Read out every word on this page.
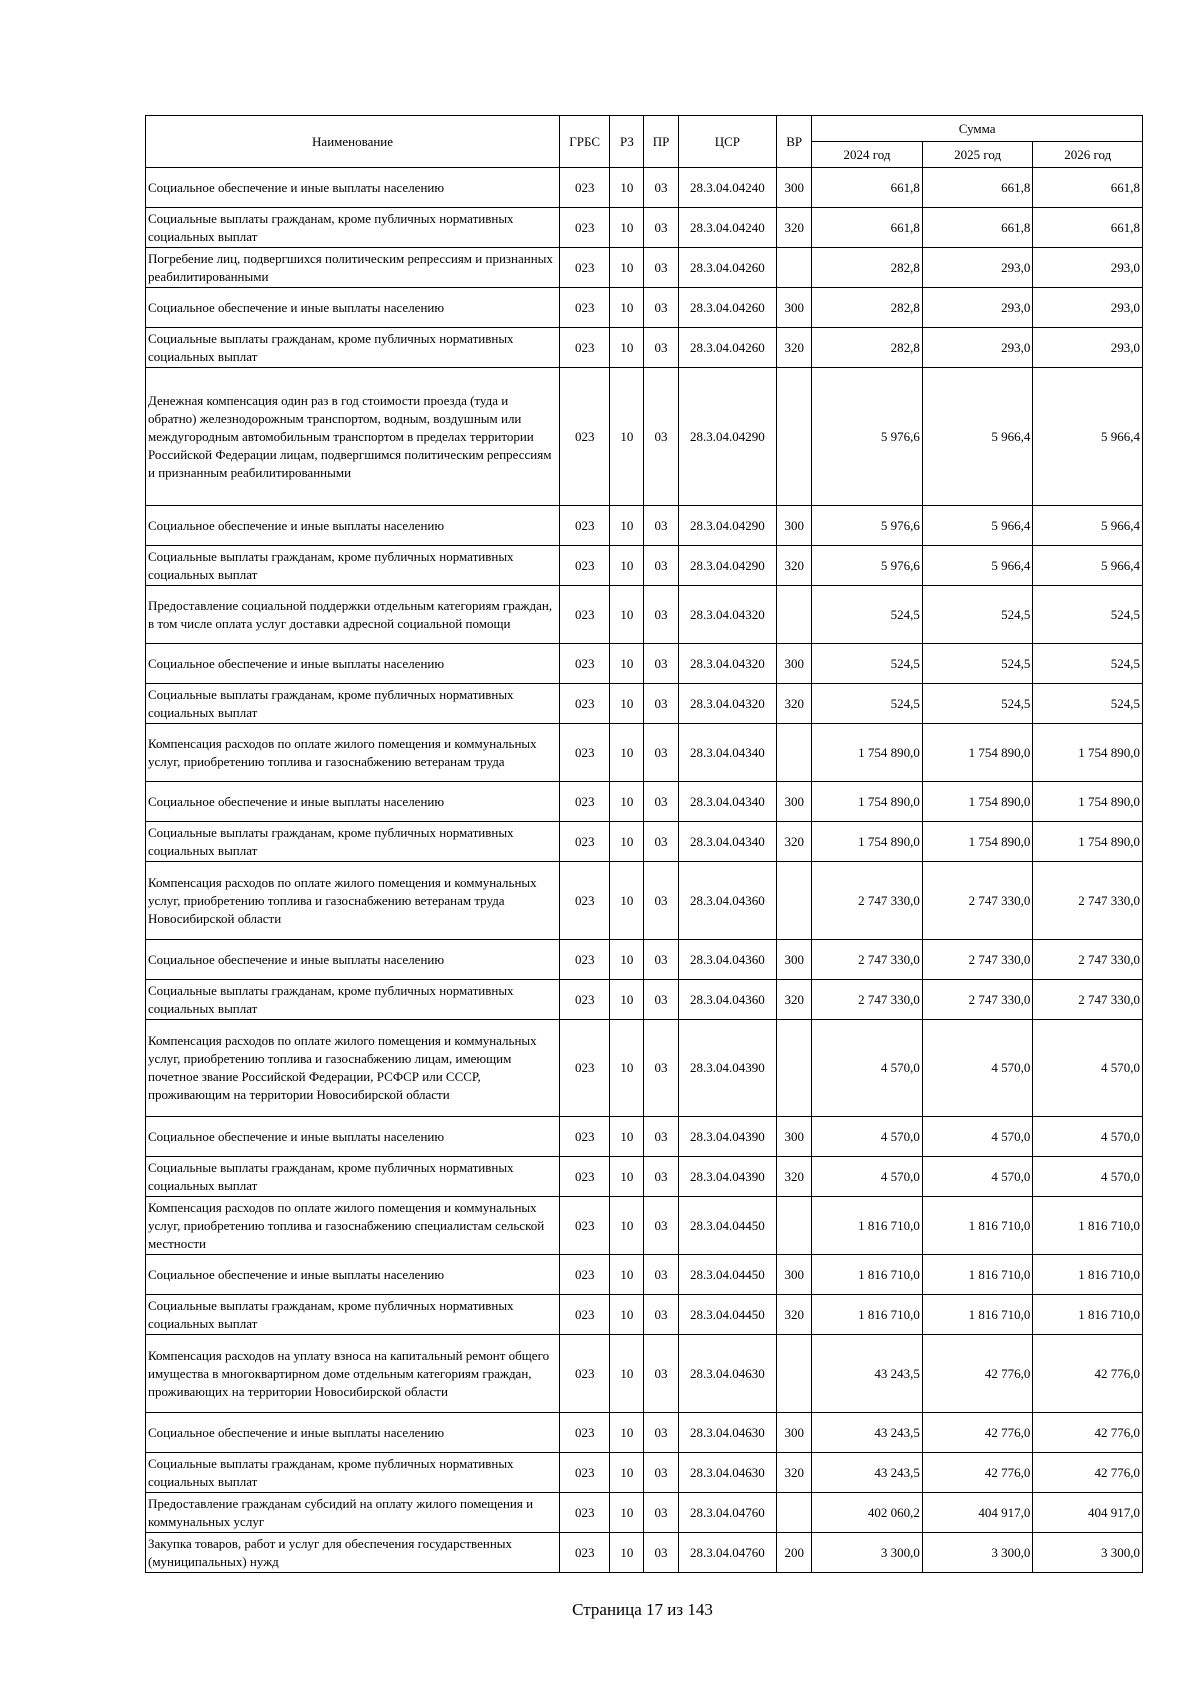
Наименование	ГРБС	РЗ	ПР	ЦСР	ВР	Сумма		
						2024 год	2025 год	2026 год
Социальное обеспечение и иные выплаты населению	023	10	03	28.3.04.04240	300	661,8	661,8	661,8
Социальные выплаты гражданам, кроме публичных нормативных социальных выплат	023	10	03	28.3.04.04240	320	661,8	661,8	661,8
Погребение лиц, подвергшихся политическим репрессиям и признанных реабилитированными	023	10	03	28.3.04.04260		282,8	293,0	293,0
Социальное обеспечение и иные выплаты населению	023	10	03	28.3.04.04260	300	282,8	293,0	293,0
Социальные выплаты гражданам, кроме публичных нормативных социальных выплат	023	10	03	28.3.04.04260	320	282,8	293,0	293,0
Денежная компенсация один раз в год стоимости проезда (туда и обратно) железнодорожным транспортом, водным, воздушным или междугородным автомобильным транспортом в пределах территории Российской Федерации лицам, подвергшимся политическим репрессиям и признанным реабилитированными	023	10	03	28.3.04.04290		5 976,6	5 966,4	5 966,4
Социальное обеспечение и иные выплаты населению	023	10	03	28.3.04.04290	300	5 976,6	5 966,4	5 966,4
Социальные выплаты гражданам, кроме публичных нормативных социальных выплат	023	10	03	28.3.04.04290	320	5 976,6	5 966,4	5 966,4
Предоставление социальной поддержки отдельным категориям граждан, в том числе оплата услуг доставки адресной социальной помощи	023	10	03	28.3.04.04320		524,5	524,5	524,5
Социальное обеспечение и иные выплаты населению	023	10	03	28.3.04.04320	300	524,5	524,5	524,5
Социальные выплаты гражданам, кроме публичных нормативных социальных выплат	023	10	03	28.3.04.04320	320	524,5	524,5	524,5
Компенсация расходов по оплате жилого помещения и коммунальных услуг, приобретению топлива и газоснабжению ветеранам труда	023	10	03	28.3.04.04340		1 754 890,0	1 754 890,0	1 754 890,0
Социальное обеспечение и иные выплаты населению	023	10	03	28.3.04.04340	300	1 754 890,0	1 754 890,0	1 754 890,0
Социальные выплаты гражданам, кроме публичных нормативных социальных выплат	023	10	03	28.3.04.04340	320	1 754 890,0	1 754 890,0	1 754 890,0
Компенсация расходов по оплате жилого помещения и коммунальных услуг, приобретению топлива и газоснабжению ветеранам труда Новосибирской области	023	10	03	28.3.04.04360		2 747 330,0	2 747 330,0	2 747 330,0
Социальное обеспечение и иные выплаты населению	023	10	03	28.3.04.04360	300	2 747 330,0	2 747 330,0	2 747 330,0
Социальные выплаты гражданам, кроме публичных нормативных социальных выплат	023	10	03	28.3.04.04360	320	2 747 330,0	2 747 330,0	2 747 330,0
Компенсация расходов по оплате жилого помещения и коммунальных услуг, приобретению топлива и газоснабжению лицам, имеющим почетное звание Российской Федерации, РСФСР или СССР, проживающим на территории Новосибирской области	023	10	03	28.3.04.04390		4 570,0	4 570,0	4 570,0
Социальное обеспечение и иные выплаты населению	023	10	03	28.3.04.04390	300	4 570,0	4 570,0	4 570,0
Социальные выплаты гражданам, кроме публичных нормативных социальных выплат	023	10	03	28.3.04.04390	320	4 570,0	4 570,0	4 570,0
Компенсация расходов по оплате жилого помещения и коммунальных услуг, приобретению топлива и газоснабжению специалистам сельской местности	023	10	03	28.3.04.04450		1 816 710,0	1 816 710,0	1 816 710,0
Социальное обеспечение и иные выплаты населению	023	10	03	28.3.04.04450	300	1 816 710,0	1 816 710,0	1 816 710,0
Социальные выплаты гражданам, кроме публичных нормативных социальных выплат	023	10	03	28.3.04.04450	320	1 816 710,0	1 816 710,0	1 816 710,0
Компенсация расходов на уплату взноса на капитальный ремонт общего имущества в многоквартирном доме отдельным категориям граждан, проживающих на территории Новосибирской области	023	10	03	28.3.04.04630		43 243,5	42 776,0	42 776,0
Социальное обеспечение и иные выплаты населению	023	10	03	28.3.04.04630	300	43 243,5	42 776,0	42 776,0
Социальные выплаты гражданам, кроме публичных нормативных социальных выплат	023	10	03	28.3.04.04630	320	43 243,5	42 776,0	42 776,0
Предоставление гражданам субсидий на оплату жилого помещения и коммунальных услуг	023	10	03	28.3.04.04760		402 060,2	404 917,0	404 917,0
Закупка товаров, работ и услуг для обеспечения государственных (муниципальных) нужд	023	10	03	28.3.04.04760	200	3 300,0	3 300,0	3 300,0
Страница 17 из 143
